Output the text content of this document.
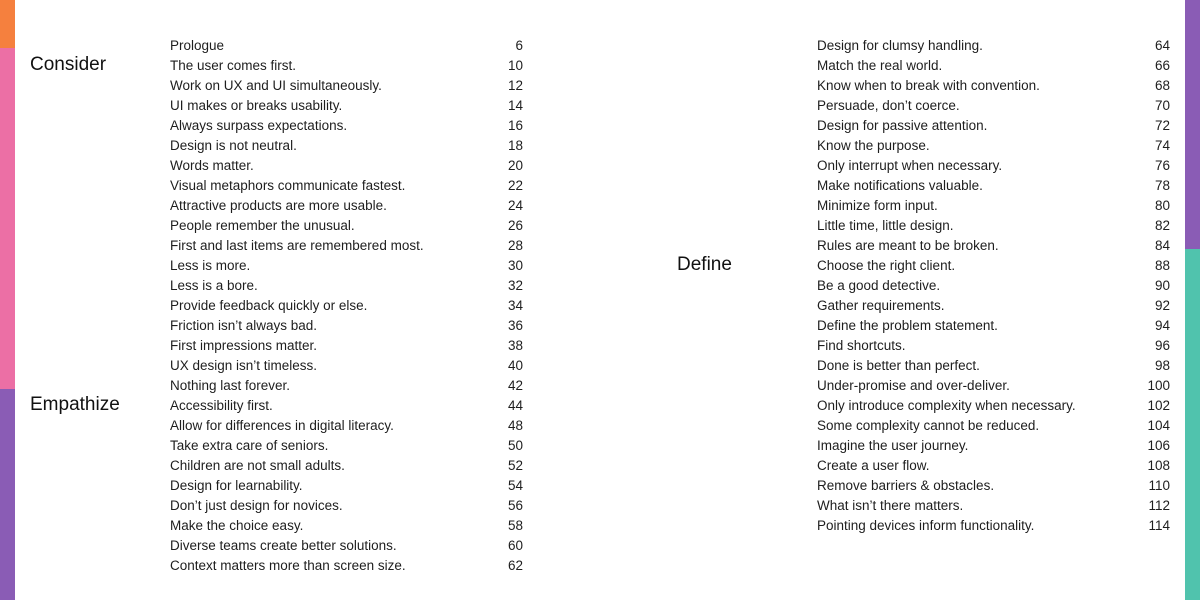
Consider
Empathize
Define
Prologue	6
The user comes first.	10
Work on UX and UI simultaneously.	12
UI makes or breaks usability.	14
Always surpass expectations.	16
Design is not neutral.	18
Words matter.	20
Visual metaphors communicate fastest.	22
Attractive products are more usable.	24
People remember the unusual.	26
First and last items are remembered most.	28
Less is more.	30
Less is a bore.	32
Provide feedback quickly or else.	34
Friction isn’t always bad.	36
First impressions matter.	38
UX design isn’t timeless.	40
Nothing last forever.	42
Accessibility first.	44
Allow for differences in digital literacy.	48
Take extra care of seniors.	50
Children are not small adults.	52
Design for learnability.	54
Don’t just design for novices.	56
Make the choice easy.	58
Diverse teams create better solutions.	60
Context matters more than screen size.	62
Design for clumsy handling.	64
Match the real world.	66
Know when to break with convention.	68
Persuade, don’t coerce.	70
Design for passive attention.	72
Know the purpose.	74
Only interrupt when necessary.	76
Make notifications valuable.	78
Minimize form input.	80
Little time, little design.	82
Rules are meant to be broken.	84
Choose the right client.	88
Be a good detective.	90
Gather requirements.	92
Define the problem statement.	94
Find shortcuts.	96
Done is better than perfect.	98
Under-promise and over-deliver.	100
Only introduce complexity when necessary.	102
Some complexity cannot be reduced.	104
Imagine the user journey.	106
Create a user flow.	108
Remove barriers & obstacles.	110
What isn’t there matters.	112
Pointing devices inform functionality.	114
